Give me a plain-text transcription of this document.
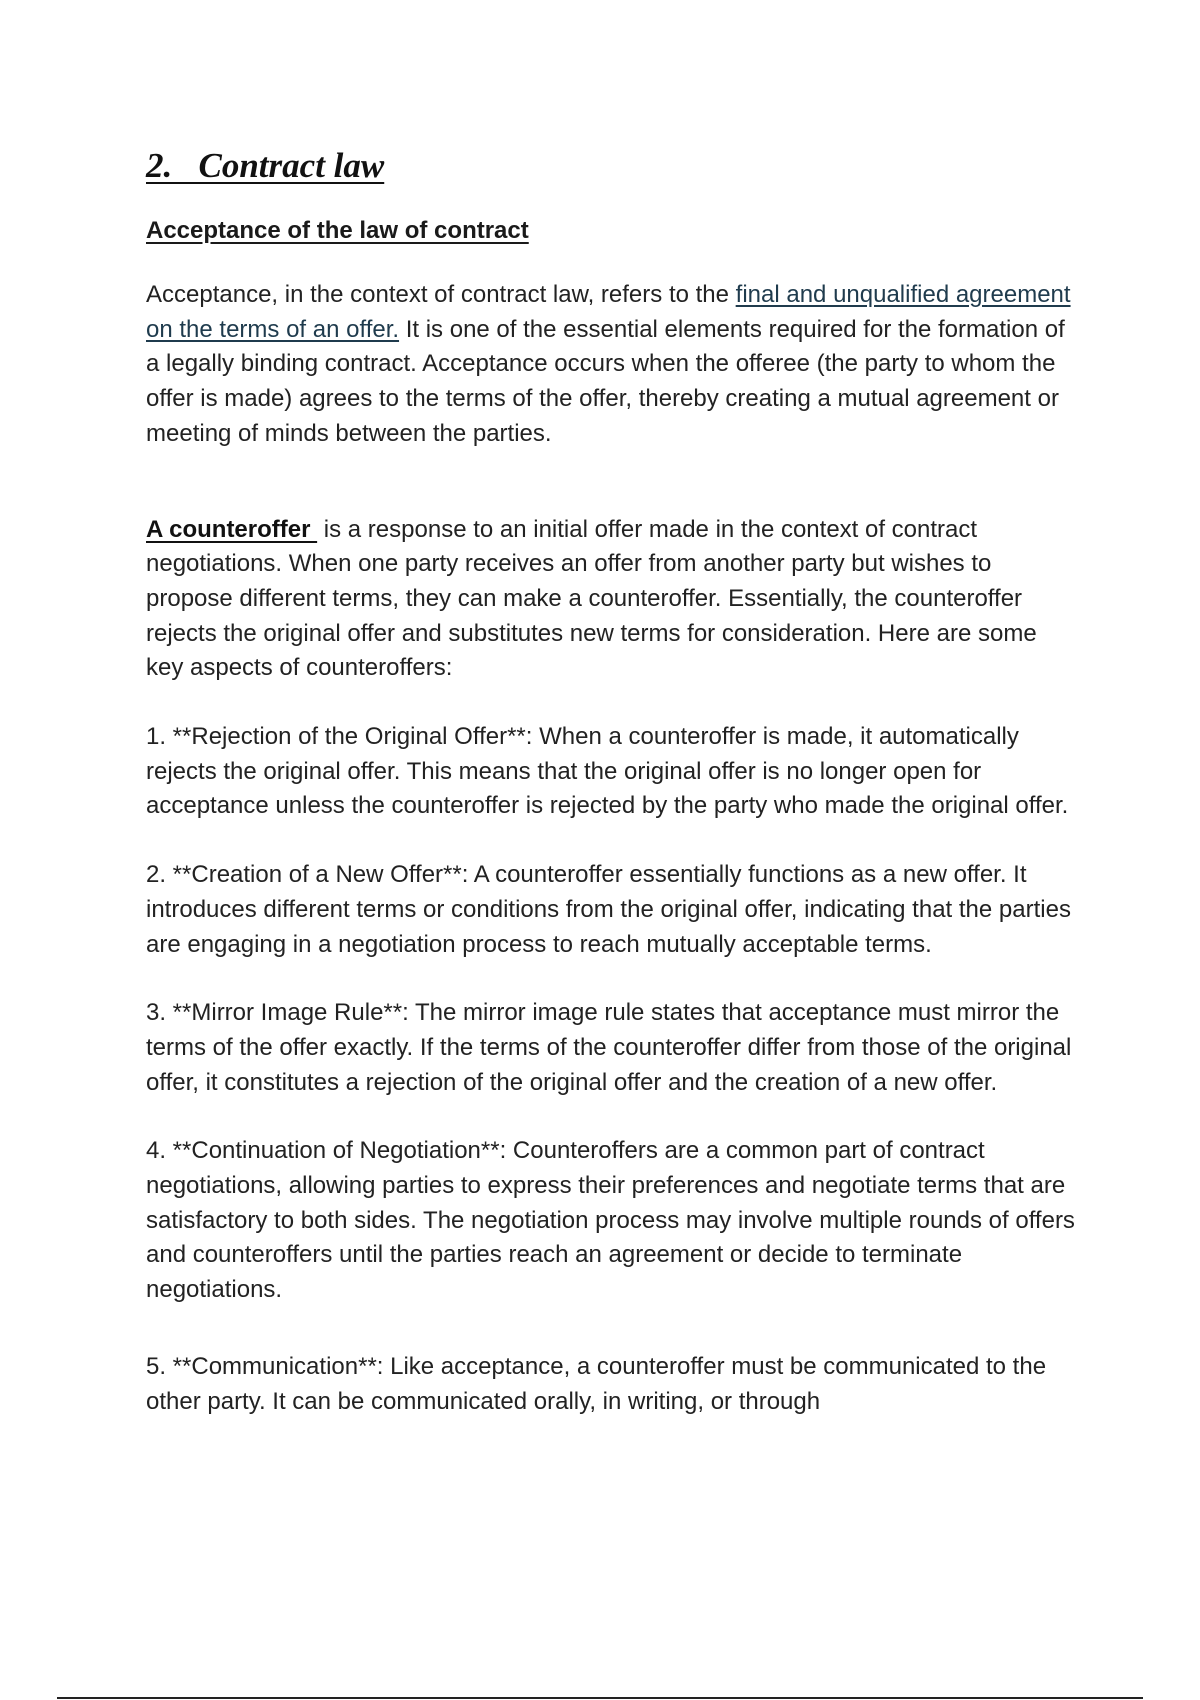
2.   Contract law
Acceptance of the law of contract

Acceptance, in the context of contract law, refers to the final and unqualified agreement on the terms of an offer. It is one of the essential elements required for the formation of a legally binding contract. Acceptance occurs when the offeree (the party to whom the offer is made) agrees to the terms of the offer, thereby creating a mutual agreement or meeting of minds between the parties.

A counteroffer  is a response to an initial offer made in the context of contract negotiations. When one party receives an offer from another party but wishes to propose different terms, they can make a counteroffer. Essentially, the counteroffer rejects the original offer and substitutes new terms for consideration. Here are some key aspects of counteroffers:

1. **Rejection of the Original Offer**: When a counteroffer is made, it automatically rejects the original offer. This means that the original offer is no longer open for acceptance unless the counteroffer is rejected by the party who made the original offer.

2. **Creation of a New Offer**: A counteroffer essentially functions as a new offer. It introduces different terms or conditions from the original offer, indicating that the parties are engaging in a negotiation process to reach mutually acceptable terms.

3. **Mirror Image Rule**: The mirror image rule states that acceptance must mirror the terms of the offer exactly. If the terms of the counteroffer differ from those of the original offer, it constitutes a rejection of the original offer and the creation of a new offer.

4. **Continuation of Negotiation**: Counteroffers are a common part of contract negotiations, allowing parties to express their preferences and negotiate terms that are satisfactory to both sides. The negotiation process may involve multiple rounds of offers and counteroffers until the parties reach an agreement or decide to terminate negotiations.

5. **Communication**: Like acceptance, a counteroffer must be communicated to the other party. It can be communicated orally, in writing, or through
